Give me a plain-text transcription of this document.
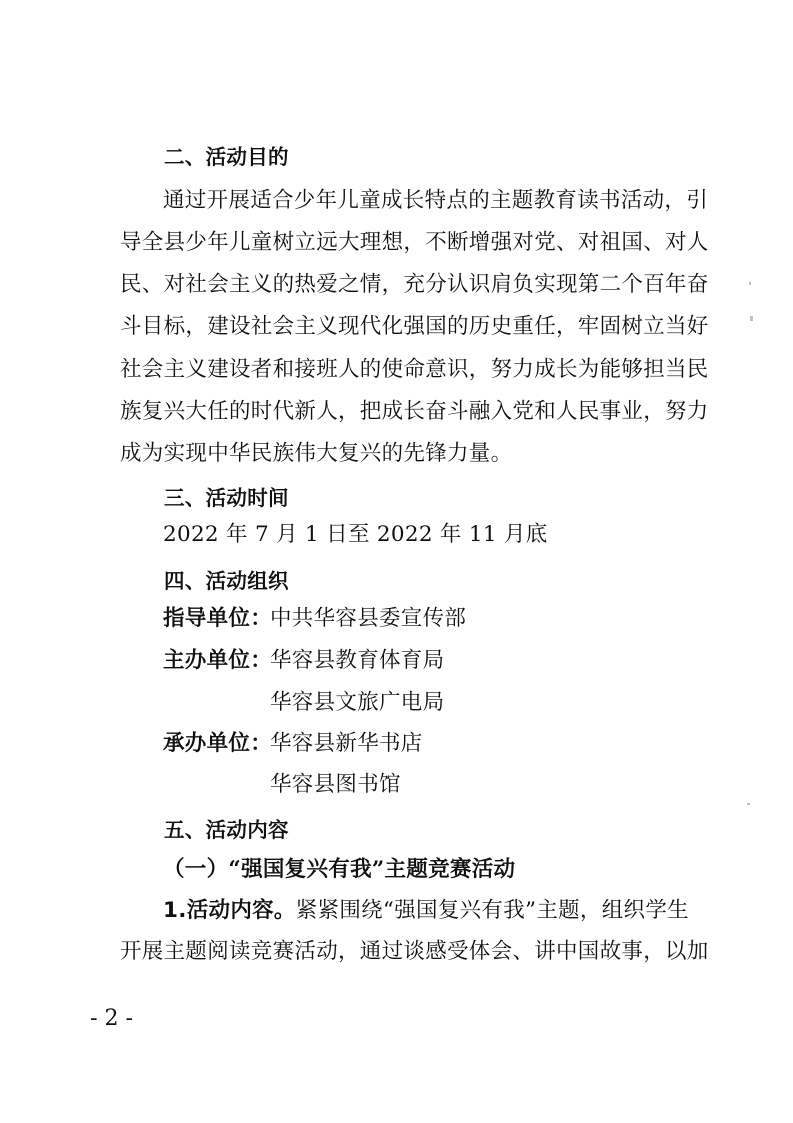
二、活动目的
通过开展适合少年儿童成长特点的主题教育读书活动，引
导全县少年儿童树立远大理想，不断增强对党、对祖国、对人
民、对社会主义的热爱之情，充分认识肩负实现第二个百年奋
斗目标，建设社会主义现代化强国的历史重任，牢固树立当好
社会主义建设者和接班人的使命意识，努力成长为能够担当民
族复兴大任的时代新人，把成长奋斗融入党和人民事业，努力
成为实现中华民族伟大复兴的先锋力量。
三、活动时间
2022 年 7 月 1 日至 2022 年 11 月底
四、活动组织
指导单位：
中共华容县委宣传部
主办单位：
华容县教育体育局
华容县文旅广电局
承办单位：
华容县新华书店
华容县图书馆
五、活动内容
（一）“强国复兴有我”主题竞赛活动
1.活动内容。紧紧围绕“强国复兴有我”主题，组织学生
开展主题阅读竞赛活动，通过谈感受体会、讲中国故事，以加
- 2 -
